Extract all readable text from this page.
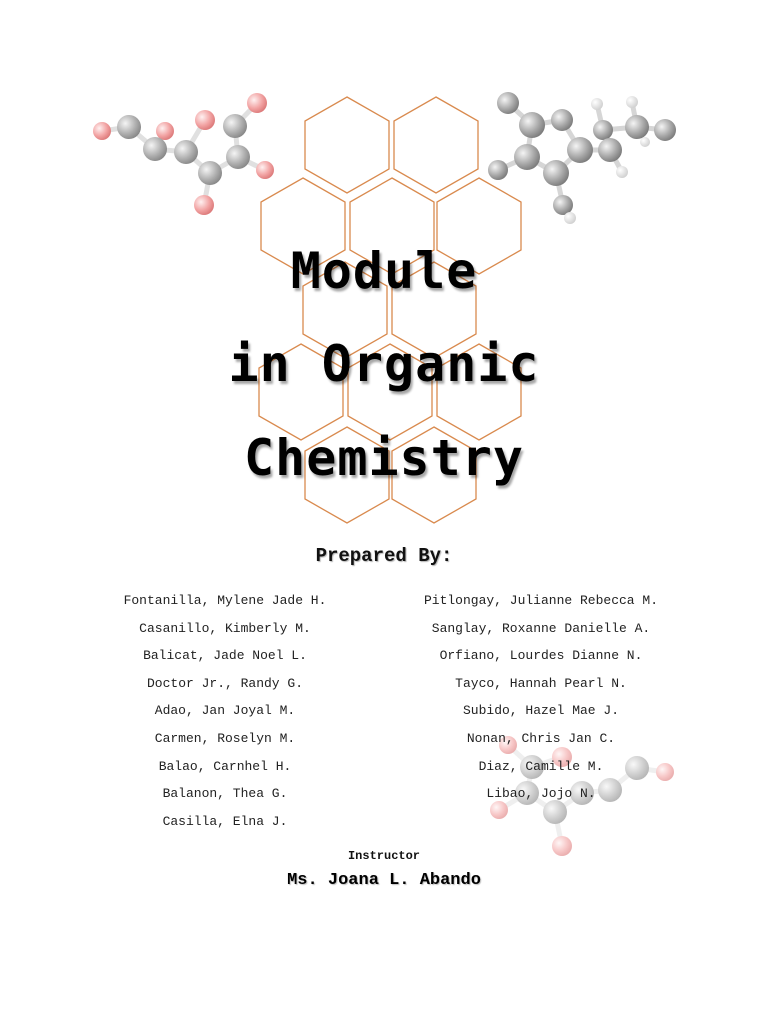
Module
in Organic
Chemistry
Prepared By:
Fontanilla, Mylene Jade H.
Casanillo, Kimberly M.
Balicat, Jade Noel L.
Doctor Jr., Randy G.
Adao, Jan Joyal M.
Carmen, Roselyn M.
Balao, Carnhel H.
Balanon, Thea G.
Casilla, Elna J.
Pitlongay, Julianne Rebecca M.
Sanglay, Roxanne Danielle A.
Orfiano, Lourdes Dianne N.
Tayco, Hannah Pearl N.
Subido, Hazel Mae J.
Nonan, Chris Jan C.
Diaz, Camille M.
Libao, Jojo N.
Instructor
Ms. Joana L. Abando
